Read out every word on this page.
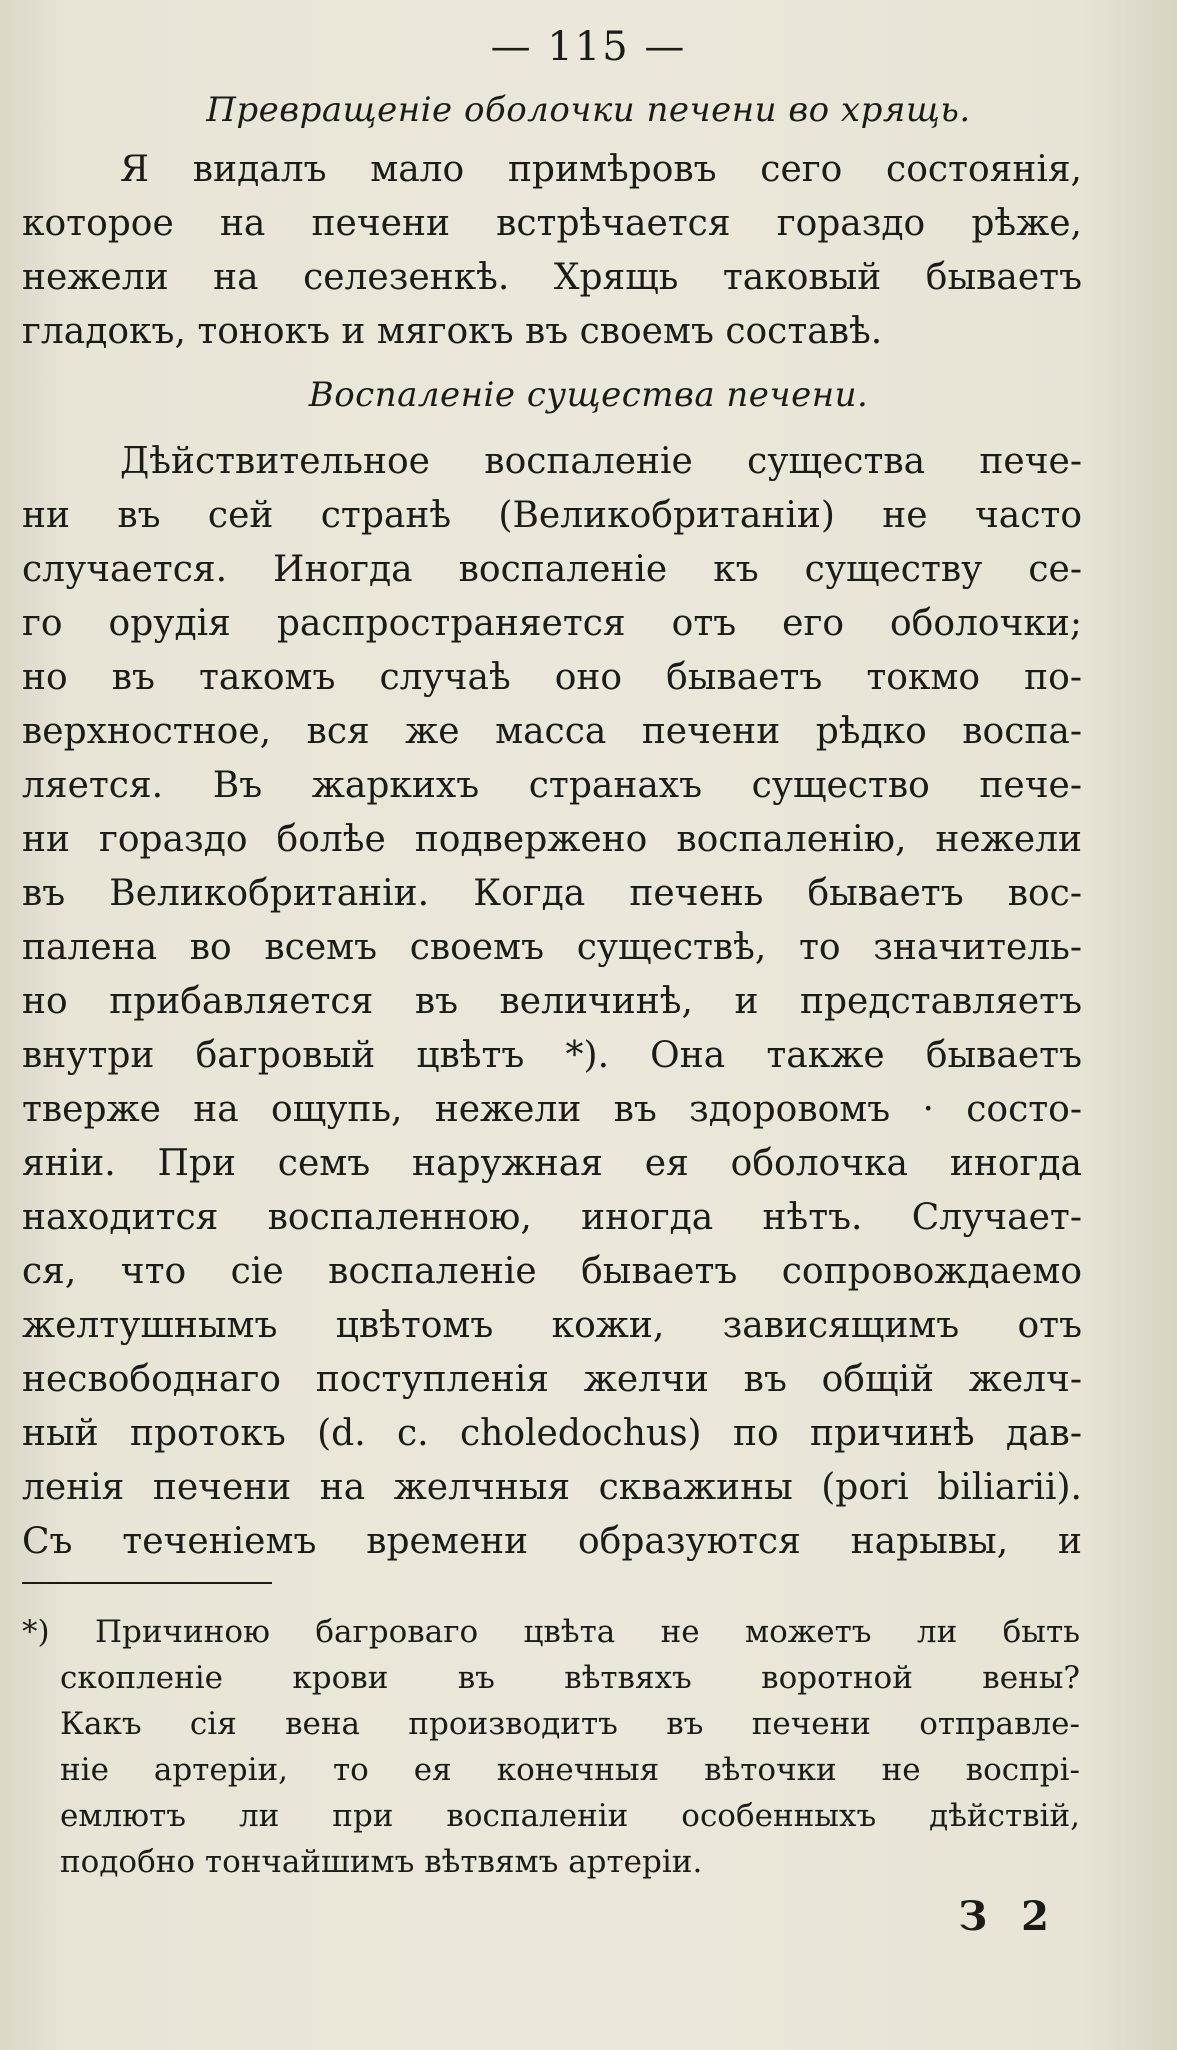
— 115 —
Превращеніе оболочки печени во хрящь.
Я видалъ мало примѣровъ сего состоянія,
которое на печени встрѣчается гораздо рѣже,
нежели на селезенкѣ. Хрящь таковый бываетъ
гладокъ, тонокъ и мягокъ въ своемъ составѣ.
Воспаленіе существа печени.
Дѣйствительное воспаленіе существа пече-
ни въ сей странѣ (Великобританіи) не часто
случается. Иногда воспаленіе къ существу се-
го орудія распространяется отъ его оболочки;
но въ такомъ случаѣ оно бываетъ токмо по-
верхностное, вся же масса печени рѣдко воспа-
ляется. Въ жаркихъ странахъ существо пече-
ни гораздо болѣе подвержено воспаленію, нежели
въ Великобританіи. Когда печень бываетъ вос-
палена во всемъ своемъ существѣ, то значитель-
но прибавляется въ величинѣ, и представляетъ
внутри багровый цвѣтъ *). Она также бываетъ
тверже на ощупь, нежели въ здоровомъ · состо-
яніи. При семъ наружная ея оболочка иногда
находится воспаленною, иногда нѣтъ. Случает-
ся, что сіе воспаленіе бываетъ сопровождаемо
желтушнымъ цвѣтомъ кожи, зависящимъ отъ
несвободнаго поступленія желчи въ общій желч-
ный протокъ (d. c. choledochus) по причинѣ дав-
ленія печени на желчныя скважины (pori biliarii).
Съ теченіемъ времени образуются нарывы, и
*) Причиною багроваго цвѣта не можетъ ли быть
скопленіе крови въ вѣтвяхъ воротной вены?
Какъ сія вена производитъ въ печени отправле-
ніе артеріи, то ея конечныя вѣточки не воспрі-
емлютъ ли при воспаленіи особенныхъ дѣйствій,
подобно тончайшимъ вѣтвямъ артеріи.
З 2
